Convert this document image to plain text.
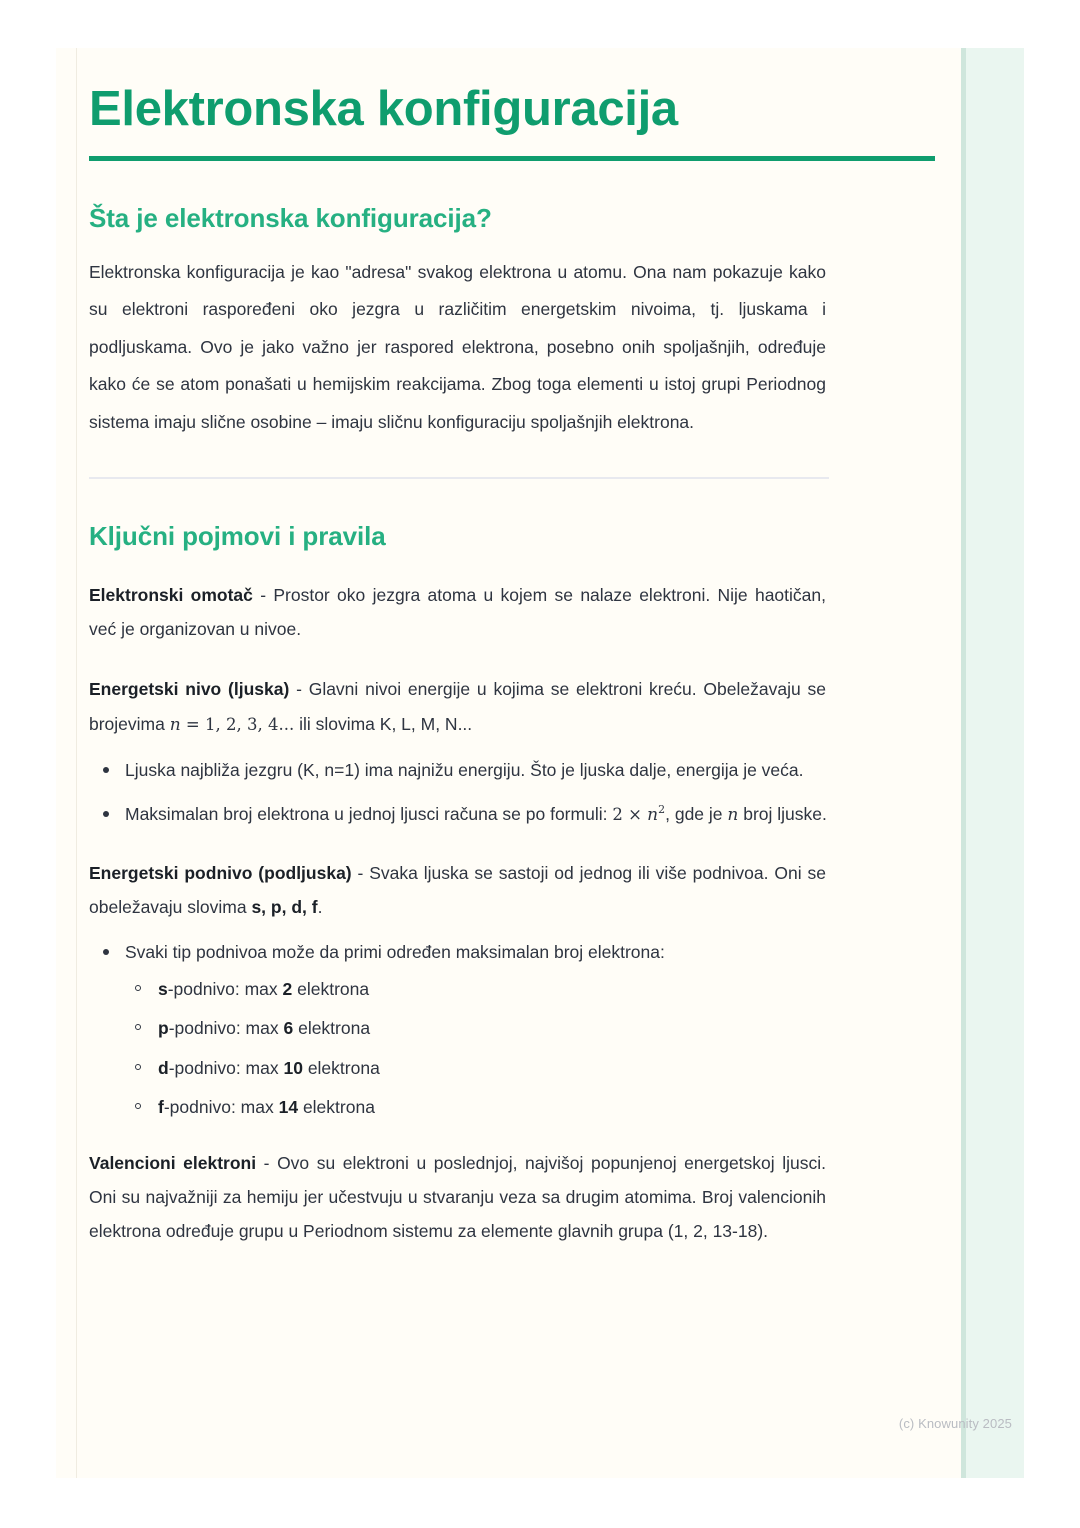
Elektronska konfiguracija
Šta je elektronska konfiguracija?

Elektronska konfiguracija je kao "adresa" svakog elektrona u atomu. Ona nam pokazuje kako su elektroni raspoređeni oko jezgra u različitim energetskim nivoima, tj. ljuskama i podljuskama. Ovo je jako važno jer raspored elektrona, posebno onih spoljašnjih, određuje kako će se atom ponašati u hemijskim reakcijama. Zbog toga elementi u istoj grupi Periodnog sistema imaju slične osobine – imaju sličnu konfiguraciju spoljašnjih elektrona.

Ključni pojmovi i pravila

Elektronski omotač - Prostor oko jezgra atoma u kojem se nalaze elektroni. Nije haotičan, već je organizovan u nivoe.

Energetski nivo (ljuska) - Glavni nivoi energije u kojima se elektroni kreću. Obeležavaju se brojevima n = 1, 2, 3, 4... ili slovima K, L, M, N...

Ljuska najbliža jezgru (K, n=1) ima najnižu energiju. Što je ljuska dalje, energija je veća.
Maksimalan broj elektrona u jednoj ljusci računa se po formuli: $2 \times n^2$, gde je n broj ljuske.

Energetski podnivo (podljuska) - Svaka ljuska se sastoji od jednog ili više podnivoa. Oni se obeležavaju slovima s, p, d, f.

Svaki tip podnivoa može da primi određen maksimalan broj elektrona:
s-podnivo: max 2 elektrona
p-podnivo: max 6 elektrona
d-podnivo: max 10 elektrona
f-podnivo: max 14 elektrona

Valencioni elektroni - Ovo su elektroni u poslednjoj, najvišoj popunjenoj energetskoj ljusci. Oni su najvažniji za hemiju jer učestvuju u stvaranju veza sa drugim atomima. Broj valencionih elektrona određuje grupu u Periodnom sistemu za elemente glavnih grupa (1, 2, 13-18).

(c) Knowunity 2025
